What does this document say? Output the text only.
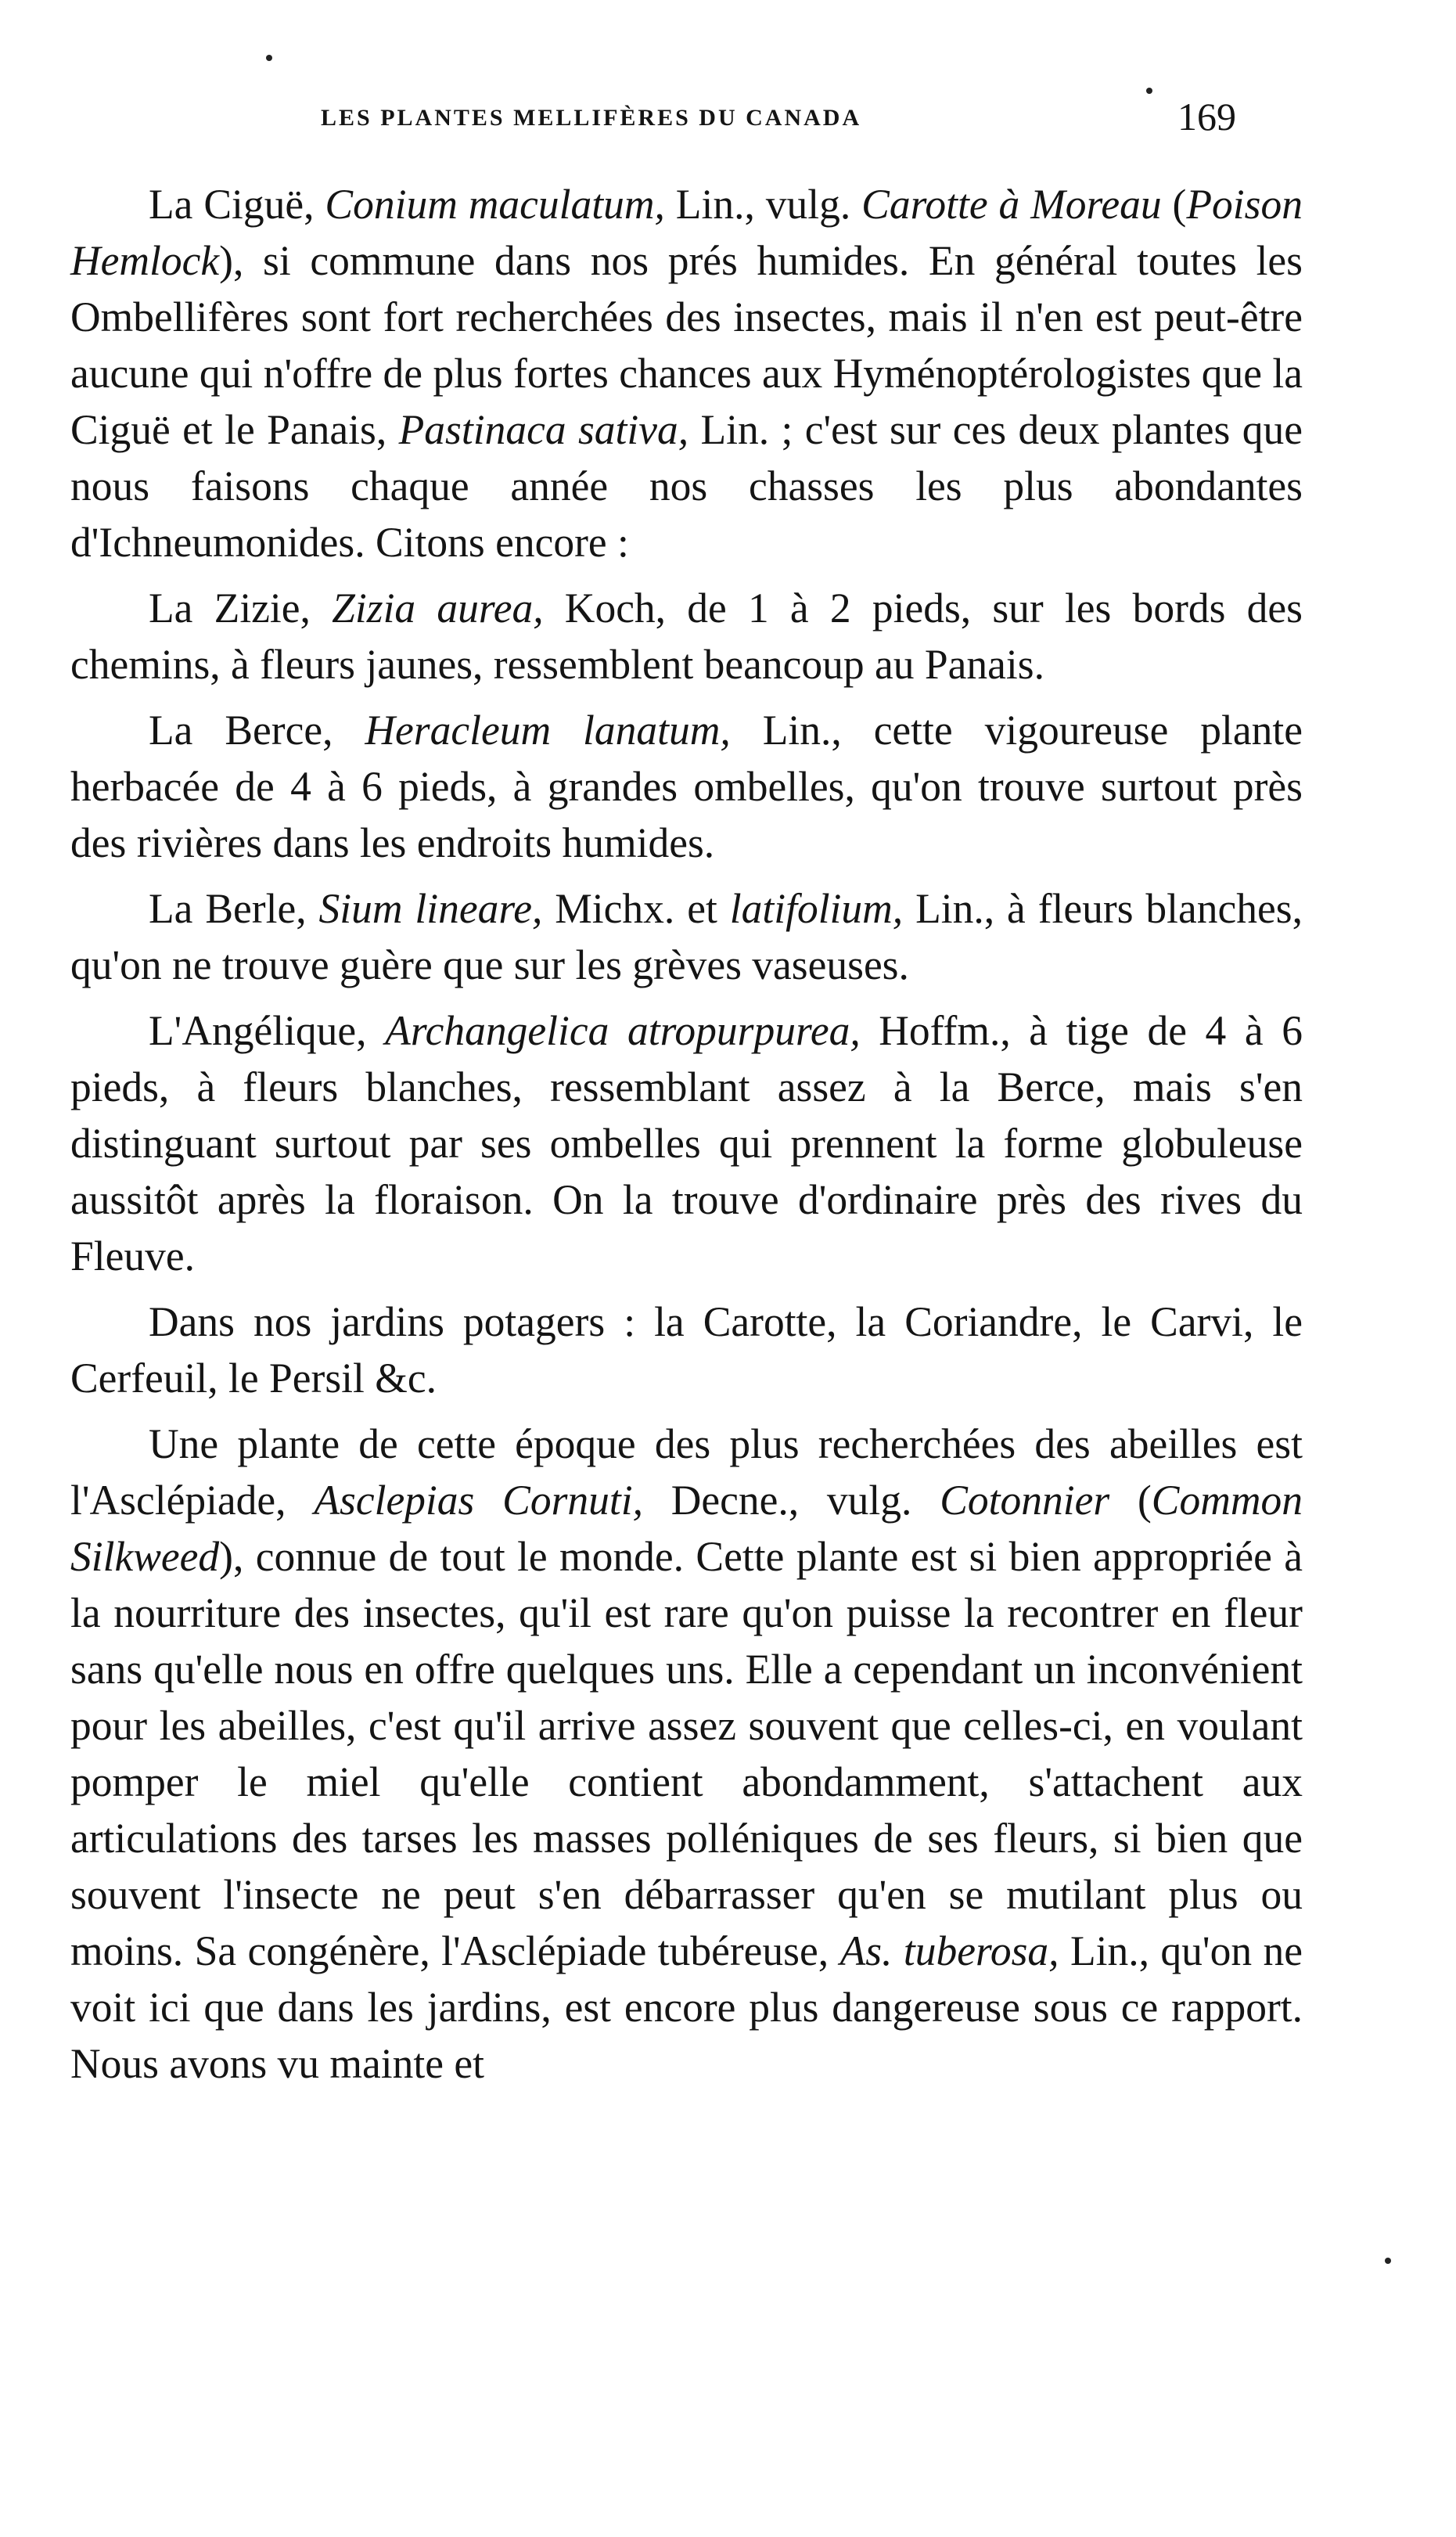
LES PLANTES MELLIFÈRES DU CANADA	169

La Ciguë, Conium maculatum, Lin., vulg. Carotte à Moreau (Poison Hemlock), si commune dans nos prés humides. En général toutes les Ombellifères sont fort recherchées des insectes, mais il n'en est peut-être aucune qui n'offre de plus fortes chances aux Hyménoptérologistes que la Ciguë et le Panais, Pastinaca sativa, Lin. ; c'est sur ces deux plantes que nous faisons chaque année nos chasses les plus abondantes d'Ichneumonides. Citons encore :

La Zizie, Zizia aurea, Koch, de 1 à 2 pieds, sur les bords des chemins, à fleurs jaunes, ressemblent beancoup au Panais.

La Berce, Heracleum lanatum, Lin., cette vigoureuse plante herbacée de 4 à 6 pieds, à grandes ombelles, qu'on trouve surtout près des rivières dans les endroits humides.

La Berle, Sium lineare, Michx. et latifolium, Lin., à fleurs blanches, qu'on ne trouve guère que sur les grèves vaseuses.

L'Angélique, Archangelica atropurpurea, Hoffm., à tige de 4 à 6 pieds, à fleurs blanches, ressemblant assez à la Berce, mais s'en distinguant surtout par ses ombelles qui prennent la forme globuleuse aussitôt après la floraison. On la trouve d'ordinaire près des rives du Fleuve.

Dans nos jardins potagers : la Carotte, la Coriandre, le Carvi, le Cerfeuil, le Persil &c.

Une plante de cette époque des plus recherchées des abeilles est l'Asclépiade, Asclepias Cornuti, Decne., vulg. Cotonnier (Common Silkweed), connue de tout le monde. Cette plante est si bien appropriée à la nourriture des insectes, qu'il est rare qu'on puisse la recontrer en fleur sans qu'elle nous en offre quelques uns. Elle a cependant un inconvénient pour les abeilles, c'est qu'il arrive assez souvent que celles-ci, en voulant pomper le miel qu'elle contient abondamment, s'attachent aux articulations des tarses les masses polléniques de ses fleurs, si bien que souvent l'insecte ne peut s'en débarrasser qu'en se mutilant plus ou moins. Sa congénère, l'Asclépiade tubéreuse, As. tuberosa, Lin., qu'on ne voit ici que dans les jardins, est encore plus dangereuse sous ce rapport. Nous avons vu mainte et
